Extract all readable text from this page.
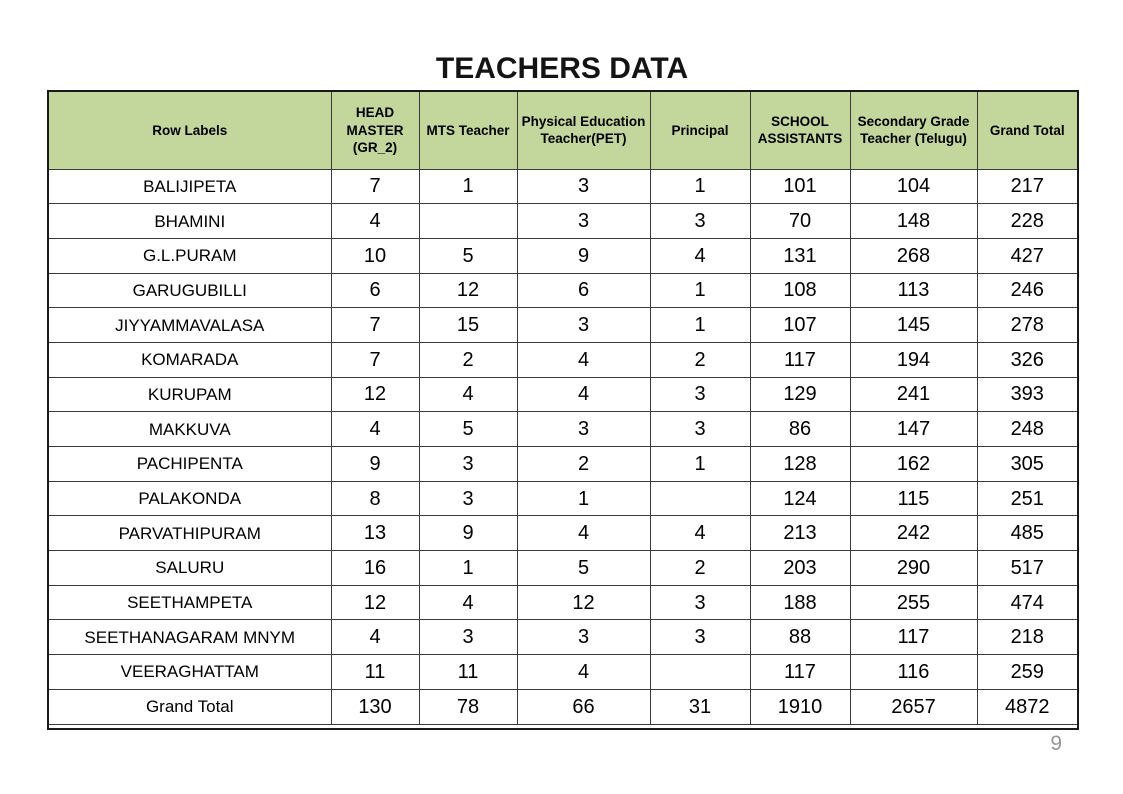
TEACHERS DATA
Row Labels	HEAD MASTER (GR_2)	MTS Teacher	Physical Education Teacher(PET)	Principal	SCHOOL ASSISTANTS	Secondary Grade Teacher (Telugu)	Grand Total
BALIJIPETA	7	1	3	1	101	104	217
BHAMINI	4		3	3	70	148	228
G.L.PURAM	10	5	9	4	131	268	427
GARUGUBILLI	6	12	6	1	108	113	246
JIYYAMMAVALASA	7	15	3	1	107	145	278
KOMARADA	7	2	4	2	117	194	326
KURUPAM	12	4	4	3	129	241	393
MAKKUVA	4	5	3	3	86	147	248
PACHIPENTA	9	3	2	1	128	162	305
PALAKONDA	8	3	1		124	115	251
PARVATHIPURAM	13	9	4	4	213	242	485
SALURU	16	1	5	2	203	290	517
SEETHAMPETA	12	4	12	3	188	255	474
SEETHANAGARAM MNYM	4	3	3	3	88	117	218
VEERAGHATTAM	11	11	4		117	116	259
Grand Total	130	78	66	31	1910	2657	4872

9
